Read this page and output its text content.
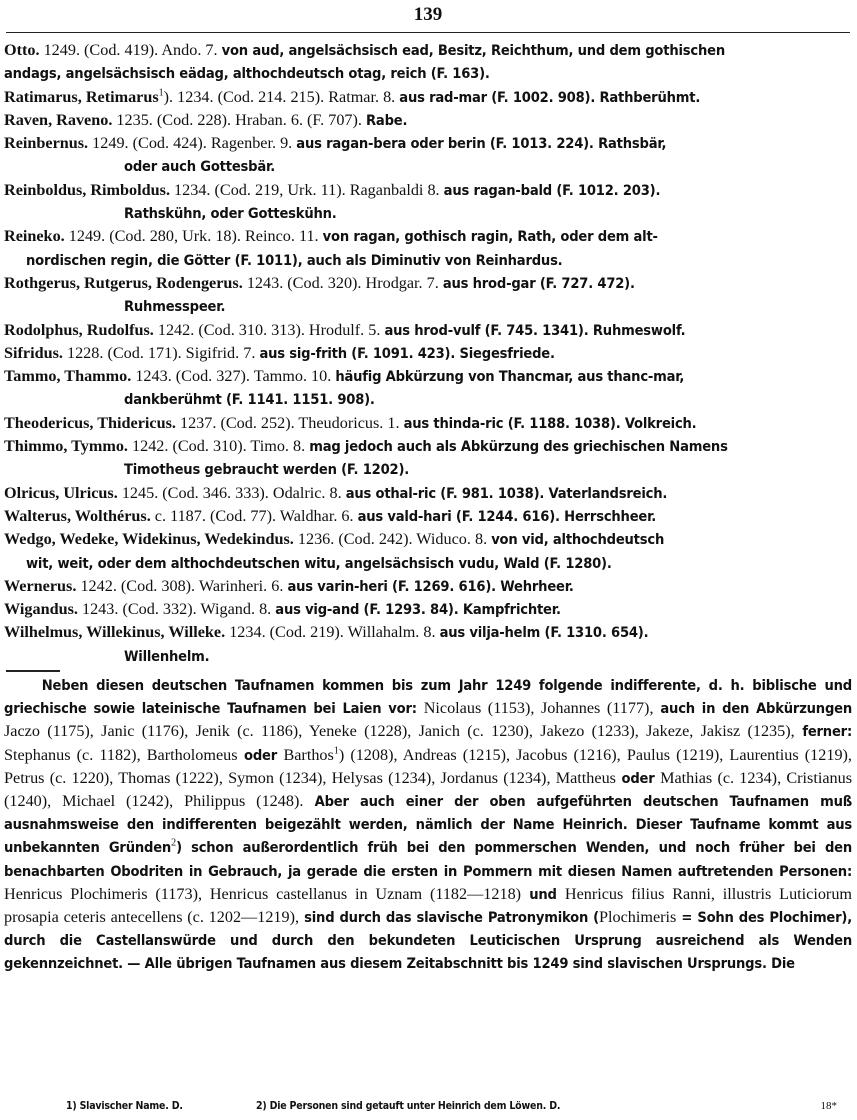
139
Otto. 1249. (Cod. 419). Ando. 7. von aud, angelsächsisch ead, Besitz, Reichthum, und dem gothischen
andags, angelsächsisch eädag, althochdeutsch otag, reich (F. 163).
Ratimarus, Retimarus$^1$). 1234. (Cod. 214. 215). Ratmar. 8. aus rad-mar (F. 1002. 908). Rathberühmt.
Raven, Raveno. 1235. (Cod. 228). Hraban. 6. (F. 707). Rabe.
Reinbernus. 1249. (Cod. 424). Ragenber. 9. aus ragan-bera oder berin (F. 1013. 224). Rathsbär,
oder auch Gottesbär.
Reinboldus, Rimboldus. 1234. (Cod. 219, Urk. 11). Raganbaldi 8. aus ragan-bald (F. 1012. 203).
Rathskühn, oder Gotteskühn.
Reineko. 1249. (Cod. 280, Urk. 18). Reinco. 11. von ragan, gothisch ragin, Rath, oder dem alt-
nordischen regin, die Götter (F. 1011), auch als Diminutiv von Reinhardus.
Rothgerus, Rutgerus, Rodengerus. 1243. (Cod. 320). Hrodgar. 7. aus hrod-gar (F. 727. 472).
Ruhmesspeer.
Rodolphus, Rudolfus. 1242. (Cod. 310. 313). Hrodulf. 5. aus hrod-vulf (F. 745. 1341). Ruhmeswolf.
Sifridus. 1228. (Cod. 171). Sigifrid. 7. aus sig-frith (F. 1091. 423). Siegesfriede.
Tammo, Thammo. 1243. (Cod. 327). Tammo. 10. häufig Abkürzung von Thancmar, aus thanc-mar,
dankberühmt (F. 1141. 1151. 908).
Theodericus, Thidericus. 1237. (Cod. 252). Theudoricus. 1. aus thinda-ric (F. 1188. 1038). Volkreich.
Thimmo, Tymmo. 1242. (Cod. 310). Timo. 8. mag jedoch auch als Abkürzung des griechischen Namens
Timotheus gebraucht werden (F. 1202).
Olricus, Ulricus. 1245. (Cod. 346. 333). Odalric. 8. aus othal-ric (F. 981. 1038). Vaterlandsreich.
Walterus, Wolthérus. c. 1187. (Cod. 77). Waldhar. 6. aus vald-hari (F. 1244. 616). Herrschheer.
Wedgo, Wedeke, Widekinus, Wedekindus. 1236. (Cod. 242). Widuco. 8. von vid, althochdeutsch
wit, weit, oder dem althochdeutschen witu, angelsächsisch vudu, Wald (F. 1280).
Wernerus. 1242. (Cod. 308). Warinheri. 6. aus varin-heri (F. 1269. 616). Wehrheer.
Wigandus. 1243. (Cod. 332). Wigand. 8. aus vig-and (F. 1293. 84). Kampfrichter.
Wilhelmus, Willekinus, Willeke. 1234. (Cod. 219). Willahalm. 8. aus vilja-helm (F. 1310. 654).
Willenhelm.
Neben diesen deutschen Taufnamen kommen bis zum Jahr 1249 folgende indifferente, d. h. biblische und griechische sowie lateinische Taufnamen bei Laien vor: Nicolaus (1153), Johannes (1177), auch in den Abkürzungen Jaczo (1175), Janic (1176), Jenik (c. 1186), Yeneke (1228), Janich (c. 1230), Jakezo (1233), Jakeze, Jakisz (1235), ferner: Stephanus (c. 1182), Bartholomeus oder Barthos$^1$) (1208), Andreas (1215), Jacobus (1216), Paulus (1219), Laurentius (1219), Petrus (c. 1220), Thomas (1222), Symon (1234), Helysas (1234), Jordanus (1234), Mattheus oder Mathias (c. 1234), Cristianus (1240), Michael (1242), Philippus (1248). Aber auch einer der oben aufgeführten deutschen Taufnamen muß ausnahmsweise den indifferenten beigezählt werden, nämlich der Name Heinrich. Dieser Taufname kommt aus unbekannten Gründen$^2$) schon außerordentlich früh bei den pommerschen Wenden, und noch früher bei den benachbarten Obodriten in Gebrauch, ja gerade die ersten in Pommern mit diesen Namen auftretenden Personen: Henricus Plochimeris (1173), Henricus castellanus in Uznam (1182—1218) und Henricus filius Ranni, illustris Luticiorum prosapia ceteris antecellens (c. 1202—1219), sind durch das slavische Patronymikon (Plochimeris = Sohn des Plochimer), durch die Castellanswürde und durch den bekundeten Leuticischen Ursprung ausreichend als Wenden gekennzeichnet. — Alle übrigen Taufnamen aus diesem Zeitabschnitt bis 1249 sind slavischen Ursprungs. Die
1) Slavischer Name. D.	2) Die Personen sind getauft unter Heinrich dem Löwen. D.	18*
